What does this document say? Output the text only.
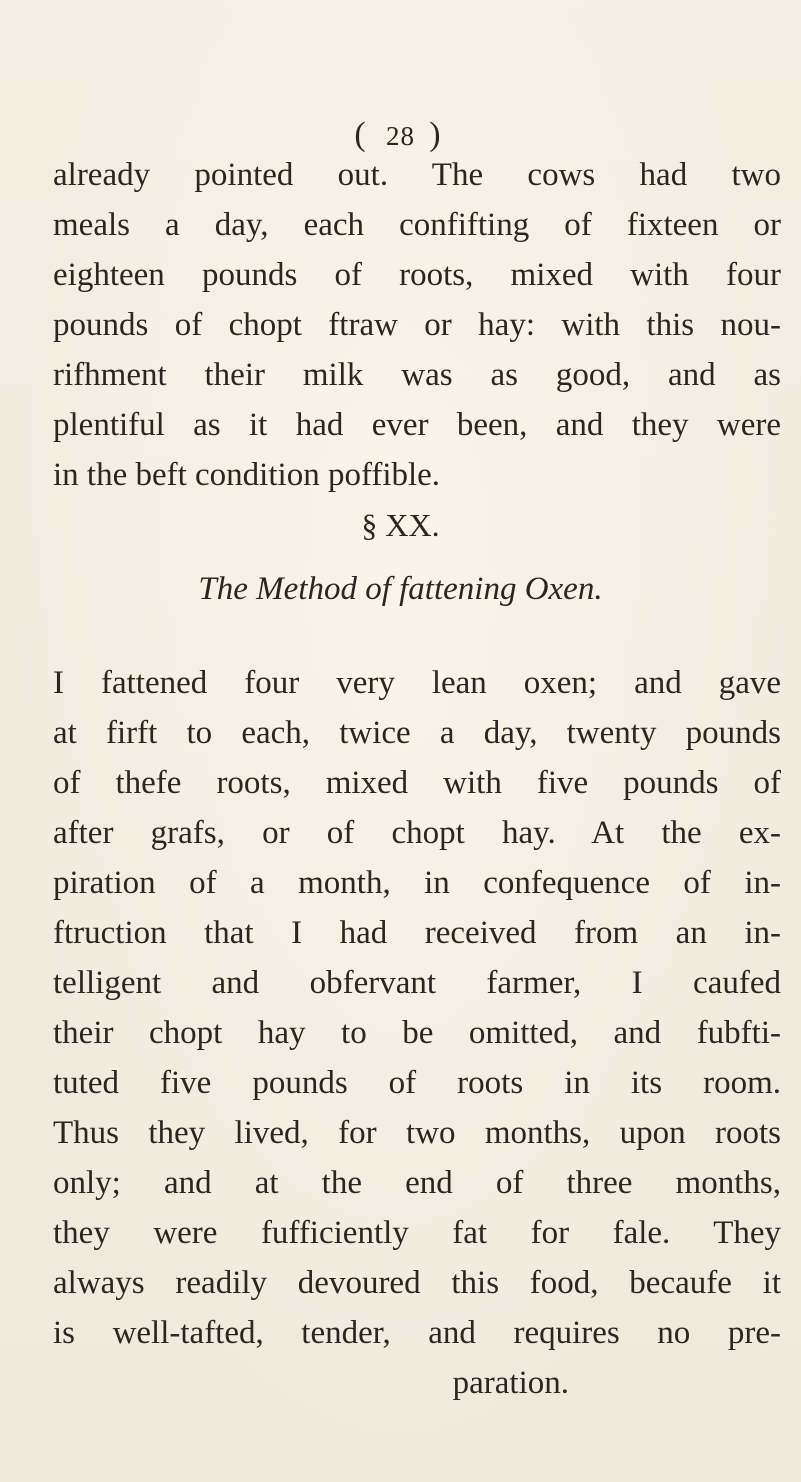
( 28 )
already pointed out. The cows had two
meals a day, each confifting of fixteen or
eighteen pounds of roots, mixed with four
pounds of chopt ftraw or hay: with this nou-
rifhment their milk was as good, and as
plentiful as it had ever been, and they were
in the beft condition poffible.
§ XX.
The Method of fattening Oxen.
I fattened four very lean oxen; and gave
at firft to each, twice a day, twenty pounds
of thefe roots, mixed with five pounds of
after grafs, or of chopt hay. At the ex-
piration of a month, in confequence of in-
ftruction that I had received from an in-
telligent and obfervant farmer, I caufed
their chopt hay to be omitted, and fubfti-
tuted five pounds of roots in its room.
Thus they lived, for two months, upon roots
only; and at the end of three months,
they were fufficiently fat for fale. They
always readily devoured this food, becaufe it
is well-tafted, tender, and requires no pre-
paration.
